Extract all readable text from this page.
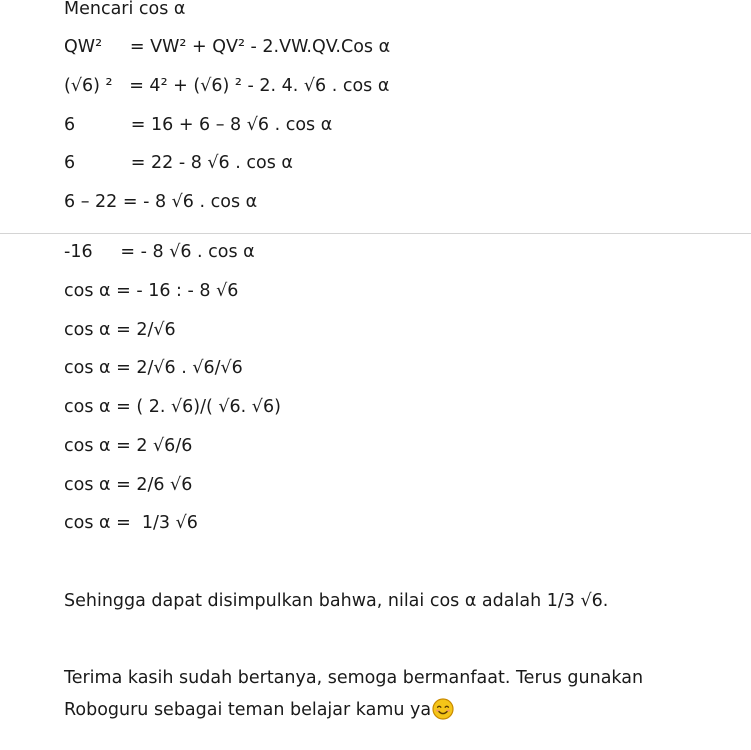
Mencari cos α
QW²     = VW² + QV² - 2.VW.QV.Cos α
(√6) ²   = 4² + (√6) ² - 2. 4. √6 . cos α
6          = 16 + 6 – 8 √6 . cos α
6          = 22 - 8 √6 . cos α
6 – 22 = - 8 √6 . cos α
-16     = - 8 √6 . cos α
cos α = - 16 : - 8 √6
cos α = 2/√6
cos α = 2/√6 . √6/√6
cos α = ( 2. √6)/( √6. √6)
cos α = 2 √6/6
cos α = 2/6 √6
cos α =  1/3 √6
Sehingga dapat disimpulkan bahwa, nilai cos α adalah 1/3 √6.
Terima kasih sudah bertanya, semoga bermanfaat. Terus gunakan
Roboguru sebagai teman belajar kamu ya
